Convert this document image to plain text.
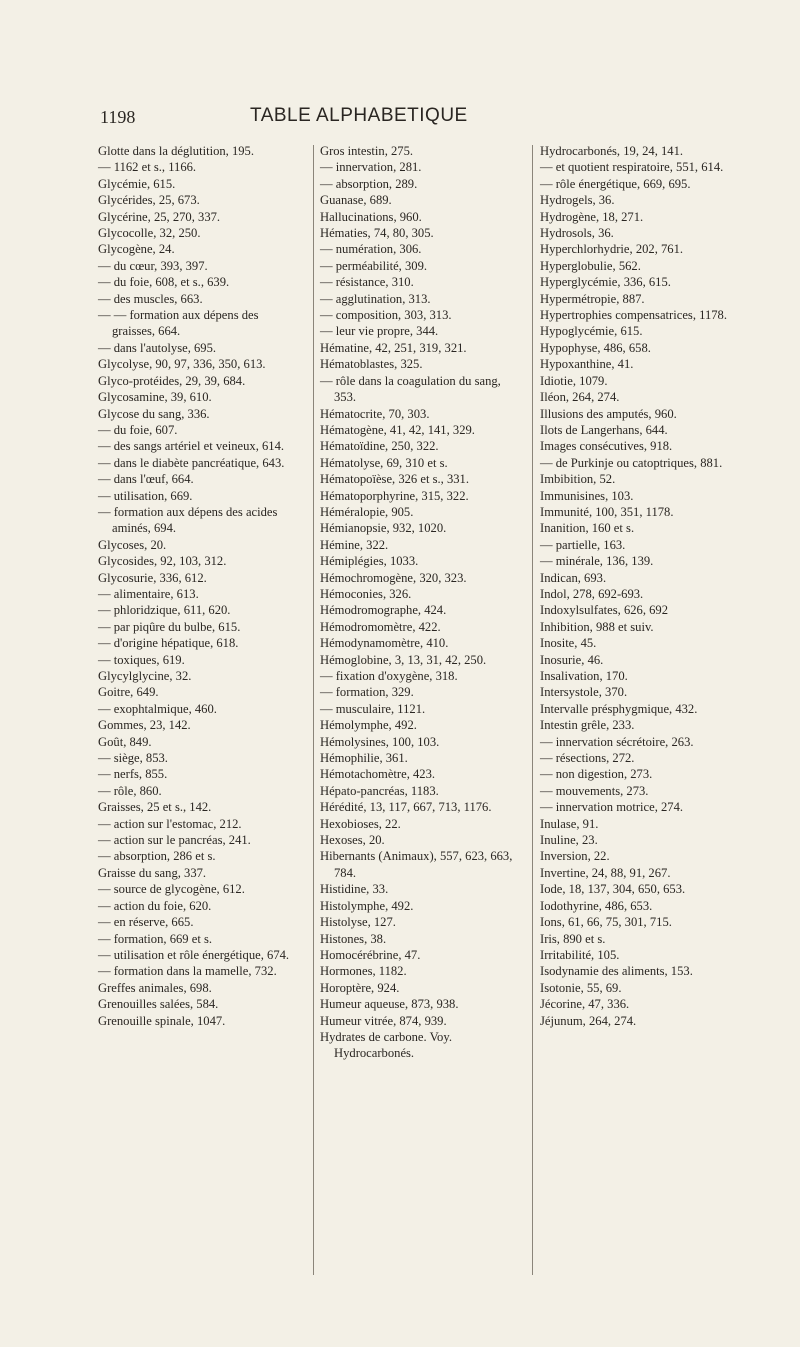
1198	TABLE ALPHABETIQUE

Glotte dans la déglutition, 195.

— 1162 et s., 1166.

Glycémie, 615.

Glycérides, 25, 673.

Glycérine, 25, 270, 337.

Glycocolle, 32, 250.

Glycogène, 24.

— du cœur, 393, 397.

— du foie, 608, et s., 639.

— des muscles, 663.

— — formation aux dépens des graisses, 664.

— dans l'autolyse, 695.

Glycolyse, 90, 97, 336, 350, 613.

Glyco-protéides, 29, 39, 684.

Glycosamine, 39, 610.

Glycose du sang, 336.

— du foie, 607.

— des sangs artériel et veineux, 614.

— dans le diabète pancréatique, 643.

— dans l'œuf, 664.

— utilisation, 669.

— formation aux dépens des acides aminés, 694.

Glycoses, 20.

Glycosides, 92, 103, 312.

Glycosurie, 336, 612.

— alimentaire, 613.

— phloridzique, 611, 620.

— par piqûre du bulbe, 615.

— d'origine hépatique, 618.

— toxiques, 619.

Glycylglycine, 32.

Goitre, 649.

— exophtalmique, 460.

Gommes, 23, 142.

Goût, 849.

— siège, 853.

— nerfs, 855.

— rôle, 860.

Graisses, 25 et s., 142.

— action sur l'estomac, 212.

— action sur le pancréas, 241.

— absorption, 286 et s.

Graisse du sang, 337.

— source de glycogène, 612.

— action du foie, 620.

— en réserve, 665.

— formation, 669 et s.

— utilisation et rôle énergétique, 674.

— formation dans la mamelle, 732.

Greffes animales, 698.

Grenouilles salées, 584.

Grenouille spinale, 1047.

Gros intestin, 275.

— innervation, 281.

— absorption, 289.

Guanase, 689.

Hallucinations, 960.

Hématies, 74, 80, 305.

— numération, 306.

— perméabilité, 309.

— résistance, 310.

— agglutination, 313.

— composition, 303, 313.

— leur vie propre, 344.

Hématine, 42, 251, 319, 321.

Hématoblastes, 325.

— rôle dans la coagulation du sang, 353.

Hématocrite, 70, 303.

Hématogène, 41, 42, 141, 329.

Hématoïdine, 250, 322.

Hématolyse, 69, 310 et s.

Hématopoïèse, 326 et s., 331.

Hématoporphyrine, 315, 322.

Héméralopie, 905.

Hémianopsie, 932, 1020.

Hémine, 322.

Hémiplégies, 1033.

Hémochromogène, 320, 323.

Hémoconies, 326.

Hémodromographe, 424.

Hémodromomètre, 422.

Hémodynamomètre, 410.

Hémoglobine, 3, 13, 31, 42, 250.

— fixation d'oxygène, 318.

— formation, 329.

— musculaire, 1121.

Hémolymphe, 492.

Hémolysines, 100, 103.

Hémophilie, 361.

Hémotachomètre, 423.

Hépato-pancréas, 1183.

Hérédité, 13, 117, 667, 713, 1176.

Hexobioses, 22.

Hexoses, 20.

Hibernants (Animaux), 557, 623, 663, 784.

Histidine, 33.

Histolymphe, 492.

Histolyse, 127.

Histones, 38.

Homocérébrine, 47.

Hormones, 1182.

Horoptère, 924.

Humeur aqueuse, 873, 938.

Humeur vitrée, 874, 939.

Hydrates de carbone. Voy. Hydrocarbonés.

Hydrocarbonés, 19, 24, 141.

— et quotient respiratoire, 551, 614.

— rôle énergétique, 669, 695.

Hydrogels, 36.

Hydrogène, 18, 271.

Hydrosols, 36.

Hyperchlorhydrie, 202, 761.

Hyperglobulie, 562.

Hyperglycémie, 336, 615.

Hypermétropie, 887.

Hypertrophies compensatrices, 1178.

Hypoglycémie, 615.

Hypophyse, 486, 658.

Hypoxanthine, 41.

Idiotie, 1079.

Iléon, 264, 274.

Illusions des amputés, 960.

Ilots de Langerhans, 644.

Images consécutives, 918.

— de Purkinje ou catoptriques, 881.

Imbibition, 52.

Immunisines, 103.

Immunité, 100, 351, 1178.

Inanition, 160 et s.

— partielle, 163.

— minérale, 136, 139.

Indican, 693.

Indol, 278, 692-693.

Indoxylsulfates, 626, 692

Inhibition, 988 et suiv.

Inosite, 45.

Inosurie, 46.

Insalivation, 170.

Intersystole, 370.

Intervalle présphygmique, 432.

Intestin grêle, 233.

— innervation sécrétoire, 263.

— résections, 272.

— non digestion, 273.

— mouvements, 273.

— innervation motrice, 274.

Inulase, 91.

Inuline, 23.

Inversion, 22.

Invertine, 24, 88, 91, 267.

Iode, 18, 137, 304, 650, 653.

Iodothyrine, 486, 653.

Ions, 61, 66, 75, 301, 715.

Iris, 890 et s.

Irritabilité, 105.

Isodynamie des aliments, 153.

Isotonie, 55, 69.

Jécorine, 47, 336.

Jéjunum, 264, 274.
